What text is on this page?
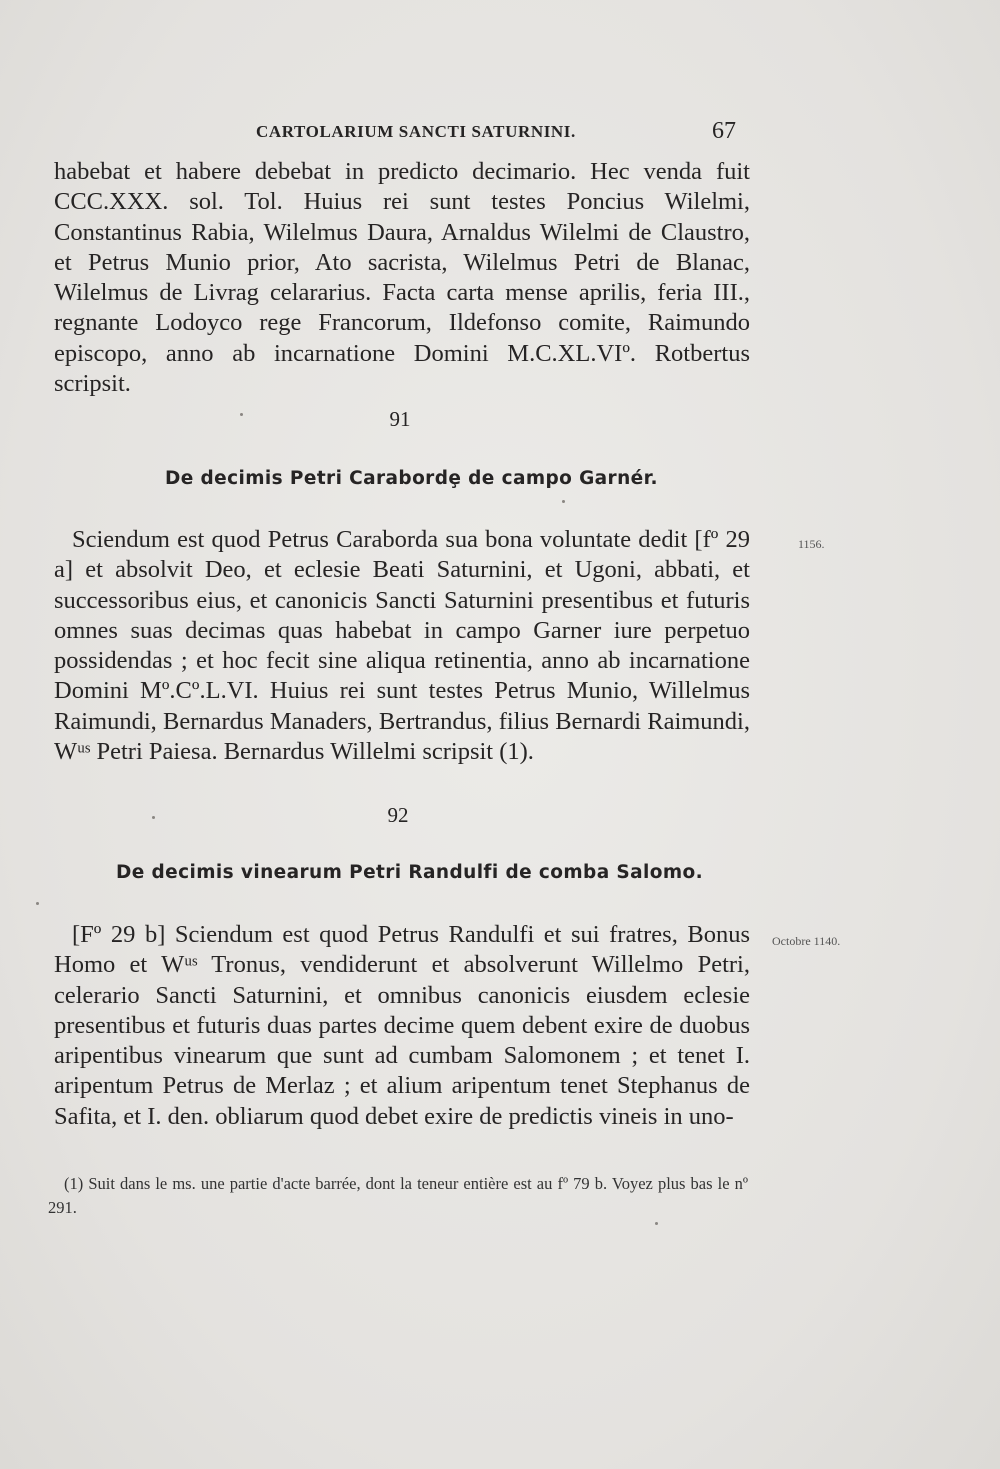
CARTOLARIUM SANCTI SATURNINI.	67

habebat et habere debebat in predicto decimario. Hec venda fuit CCC.XXX. sol. Tol. Huius rei sunt testes Poncius Wilelmi, Constantinus Rabia, Wilelmus Daura, Arnaldus Wilelmi de Claustro, et Petrus Munio prior, Ato sacrista, Wilelmus Petri de Blanac, Wilelmus de Livrag celararius. Facta carta mense aprilis, feria III., regnante Lodoyco rege Francorum, Ildefonso comite, Raimundo episcopo, anno ab incarnatione Domini M.C.XL.VIº. Rotbertus scripsit.

91
De decimis Petri Carabordȩ de campo Garnér.
1156.

Sciendum est quod Petrus Caraborda sua bona voluntate dedit [fº 29 a] et absolvit Deo, et eclesie Beati Saturnini, et Ugoni, abbati, et successoribus eius, et canonicis Sancti Saturnini presentibus et futuris omnes suas decimas quas habebat in campo Garner iure perpetuo possidendas ; et hoc fecit sine aliqua retinentia, anno ab incarnatione Domini Mº.Cº.L.VI. Huius rei sunt testes Petrus Munio, Willelmus Raimundi, Bernardus Manaders, Bertrandus, filius Bernardi Raimundi, Wᵘˢ Petri Paiesa. Bernardus Willelmi scripsit (1).

92
De decimis vinearum Petri Randulfi de comba Salomo.
Octobre 1140.

[Fº 29 b] Sciendum est quod Petrus Randulfi et sui fratres, Bonus Homo et Wᵘˢ Tronus, vendiderunt et absolverunt Willelmo Petri, celerario Sancti Saturnini, et omnibus canonicis eiusdem eclesie presentibus et futuris duas partes decime quem debent exire de duobus aripentibus vinearum que sunt ad cumbam Salomonem ; et tenet I. aripentum Petrus de Merlaz ; et alium aripentum tenet Stephanus de Safita, et I. den. obliarum quod debet exire de predictis vineis in uno-

(1) Suit dans le ms. une partie d'acte barrée, dont la teneur entière est au fº 79 b. Voyez plus bas le nº 291.
